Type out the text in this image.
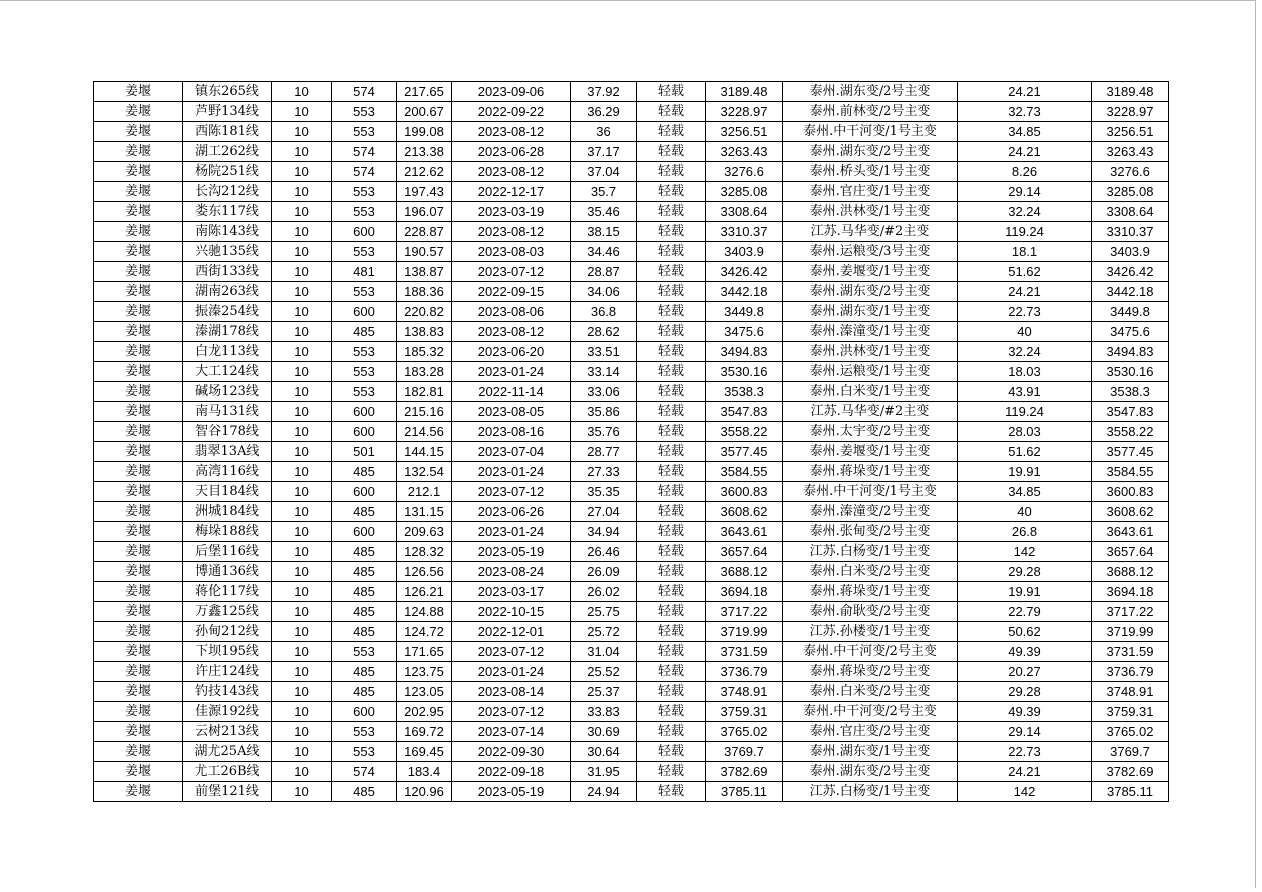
姜堰	镇东265线	10	574	217.65	2023-09-06	37.92	轻载	3189.48	泰州.湖东变/2号主变	24.21	3189.48
姜堰	芦野134线	10	553	200.67	2022-09-22	36.29	轻载	3228.97	泰州.前林变/2号主变	32.73	3228.97
姜堰	西陈181线	10	553	199.08	2023-08-12	36	轻载	3256.51	泰州.中干河变/1号主变	34.85	3256.51
姜堰	湖工262线	10	574	213.38	2023-06-28	37.17	轻载	3263.43	泰州.湖东变/2号主变	24.21	3263.43
姜堰	杨院251线	10	574	212.62	2023-08-12	37.04	轻载	3276.6	泰州.桥头变/1号主变	8.26	3276.6
姜堰	长沟212线	10	553	197.43	2022-12-17	35.7	轻载	3285.08	泰州.官庄变/1号主变	29.14	3285.08
姜堰	娄东117线	10	553	196.07	2023-03-19	35.46	轻载	3308.64	泰州.洪林变/1号主变	32.24	3308.64
姜堰	南陈143线	10	600	228.87	2023-08-12	38.15	轻载	3310.37	江苏.马华变/#2主变	119.24	3310.37
姜堰	兴驰135线	10	553	190.57	2023-08-03	34.46	轻载	3403.9	泰州.运粮变/3号主变	18.1	3403.9
姜堰	西街133线	10	481	138.87	2023-07-12	28.87	轻载	3426.42	泰州.姜堰变/1号主变	51.62	3426.42
姜堰	湖南263线	10	553	188.36	2022-09-15	34.06	轻载	3442.18	泰州.湖东变/2号主变	24.21	3442.18
姜堰	振溱254线	10	600	220.82	2023-08-06	36.8	轻载	3449.8	泰州.湖东变/1号主变	22.73	3449.8
姜堰	溱湖178线	10	485	138.83	2023-08-12	28.62	轻载	3475.6	泰州.溱潼变/1号主变	40	3475.6
姜堰	白龙113线	10	553	185.32	2023-06-20	33.51	轻载	3494.83	泰州.洪林变/1号主变	32.24	3494.83
姜堰	大工124线	10	553	183.28	2023-01-24	33.14	轻载	3530.16	泰州.运粮变/1号主变	18.03	3530.16
姜堰	碱场123线	10	553	182.81	2022-11-14	33.06	轻载	3538.3	泰州.白米变/1号主变	43.91	3538.3
姜堰	南马131线	10	600	215.16	2023-08-05	35.86	轻载	3547.83	江苏.马华变/#2主变	119.24	3547.83
姜堰	智谷178线	10	600	214.56	2023-08-16	35.76	轻载	3558.22	泰州.太宇变/2号主变	28.03	3558.22
姜堰	翡翠13A线	10	501	144.15	2023-07-04	28.77	轻载	3577.45	泰州.姜堰变/1号主变	51.62	3577.45
姜堰	高湾116线	10	485	132.54	2023-01-24	27.33	轻载	3584.55	泰州.蒋垛变/1号主变	19.91	3584.55
姜堰	天目184线	10	600	212.1	2023-07-12	35.35	轻载	3600.83	泰州.中干河变/1号主变	34.85	3600.83
姜堰	洲城184线	10	485	131.15	2023-06-26	27.04	轻载	3608.62	泰州.溱潼变/2号主变	40	3608.62
姜堰	梅垛188线	10	600	209.63	2023-01-24	34.94	轻载	3643.61	泰州.张甸变/2号主变	26.8	3643.61
姜堰	后堡116线	10	485	128.32	2023-05-19	26.46	轻载	3657.64	江苏.白杨变/1号主变	142	3657.64
姜堰	博通136线	10	485	126.56	2023-08-24	26.09	轻载	3688.12	泰州.白米变/2号主变	29.28	3688.12
姜堰	蒋伦117线	10	485	126.21	2023-03-17	26.02	轻载	3694.18	泰州.蒋垛变/1号主变	19.91	3694.18
姜堰	万鑫125线	10	485	124.88	2022-10-15	25.75	轻载	3717.22	泰州.俞耿变/2号主变	22.79	3717.22
姜堰	孙甸212线	10	485	124.72	2022-12-01	25.72	轻载	3719.99	江苏.孙楼变/1号主变	50.62	3719.99
姜堰	下坝195线	10	553	171.65	2023-07-12	31.04	轻载	3731.59	泰州.中干河变/2号主变	49.39	3731.59
姜堰	许庄124线	10	485	123.75	2023-01-24	25.52	轻载	3736.79	泰州.蒋垛变/2号主变	20.27	3736.79
姜堰	钓技143线	10	485	123.05	2023-08-14	25.37	轻载	3748.91	泰州.白米变/2号主变	29.28	3748.91
姜堰	佳源192线	10	600	202.95	2023-07-12	33.83	轻载	3759.31	泰州.中干河变/2号主变	49.39	3759.31
姜堰	云树213线	10	553	169.72	2023-07-14	30.69	轻载	3765.02	泰州.官庄变/2号主变	29.14	3765.02
姜堰	湖尤25A线	10	553	169.45	2022-09-30	30.64	轻载	3769.7	泰州.湖东变/1号主变	22.73	3769.7
姜堰	尤工26B线	10	574	183.4	2022-09-18	31.95	轻载	3782.69	泰州.湖东变/2号主变	24.21	3782.69
姜堰	前堡121线	10	485	120.96	2023-05-19	24.94	轻载	3785.11	江苏.白杨变/1号主变	142	3785.11
